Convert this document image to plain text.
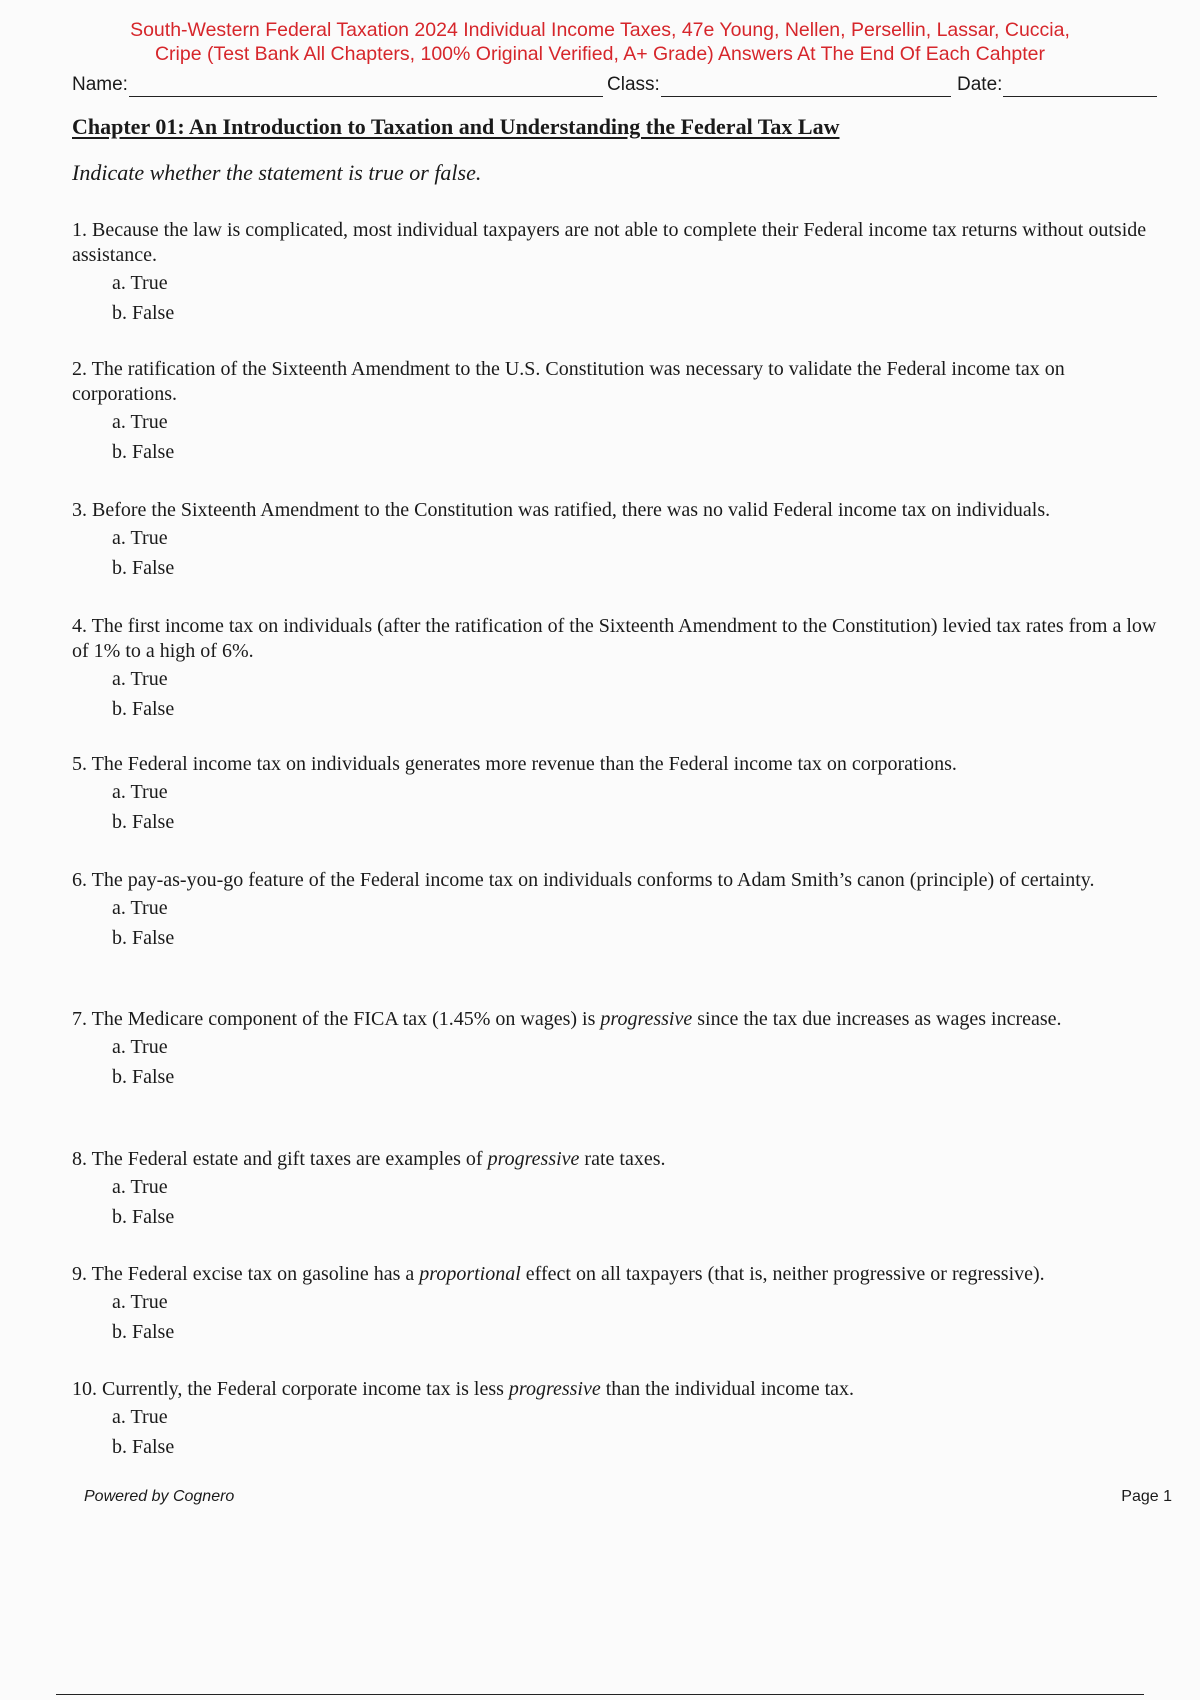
South-Western Federal Taxation 2024 Individual Income Taxes, 47e Young, Nellen, Persellin, Lassar, Cuccia,
Cripe (Test Bank All Chapters, 100% Original Verified, A+ Grade) Answers At The End Of Each Cahpter
Name:	Class:	Date:
Chapter 01: An Introduction to Taxation and Understanding the Federal Tax Law
Indicate whether the statement is true or false.
1. Because the law is complicated, most individual taxpayers are not able to complete their Federal income tax returns without outside assistance.
a. True
b. False
2. The ratification of the Sixteenth Amendment to the U.S. Constitution was necessary to validate the Federal income tax on corporations.
a. True
b. False
3. Before the Sixteenth Amendment to the Constitution was ratified, there was no valid Federal income tax on individuals.
a. True
b. False
4. The first income tax on individuals (after the ratification of the Sixteenth Amendment to the Constitution) levied tax rates from a low of 1% to a high of 6%.
a. True
b. False
5. The Federal income tax on individuals generates more revenue than the Federal income tax on corporations.
a. True
b. False
6. The pay-as-you-go feature of the Federal income tax on individuals conforms to Adam Smith’s canon (principle) of certainty.
a. True
b. False
7. The Medicare component of the FICA tax (1.45% on wages) is progressive since the tax due increases as wages increase.
a. True
b. False
8. The Federal estate and gift taxes are examples of progressive rate taxes.
a. True
b. False
9. The Federal excise tax on gasoline has a proportional effect on all taxpayers (that is, neither progressive or regressive).
a. True
b. False
10. Currently, the Federal corporate income tax is less progressive than the individual income tax.
a. True
b. False
Powered by Cognero	Page 1
